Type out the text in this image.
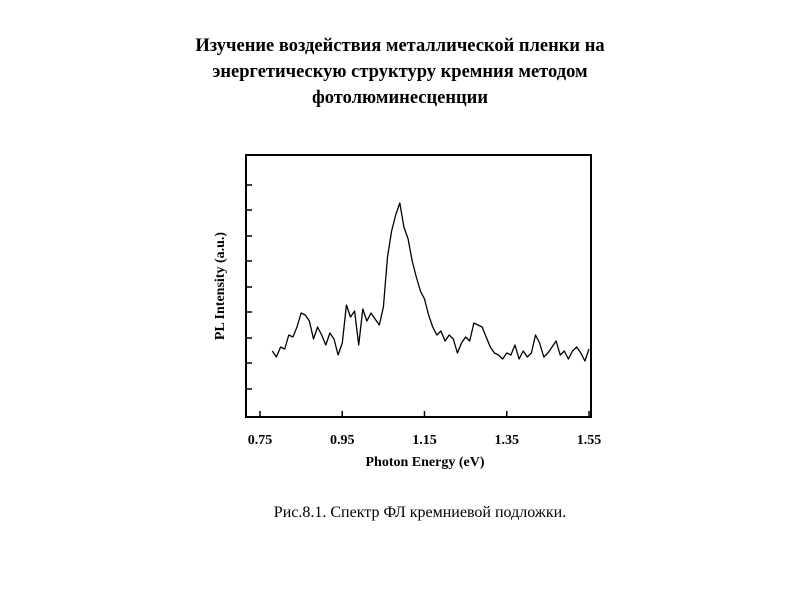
Изучение воздействия металлической пленки на
энергетическую структуру кремния методом
фотолюминесценции
0.75	0.95	1.15	1.35	1.55
Photon Energy (eV)
PL Intensity (a.u.)
Рис.8.1. Спектр ФЛ кремниевой подложки.
